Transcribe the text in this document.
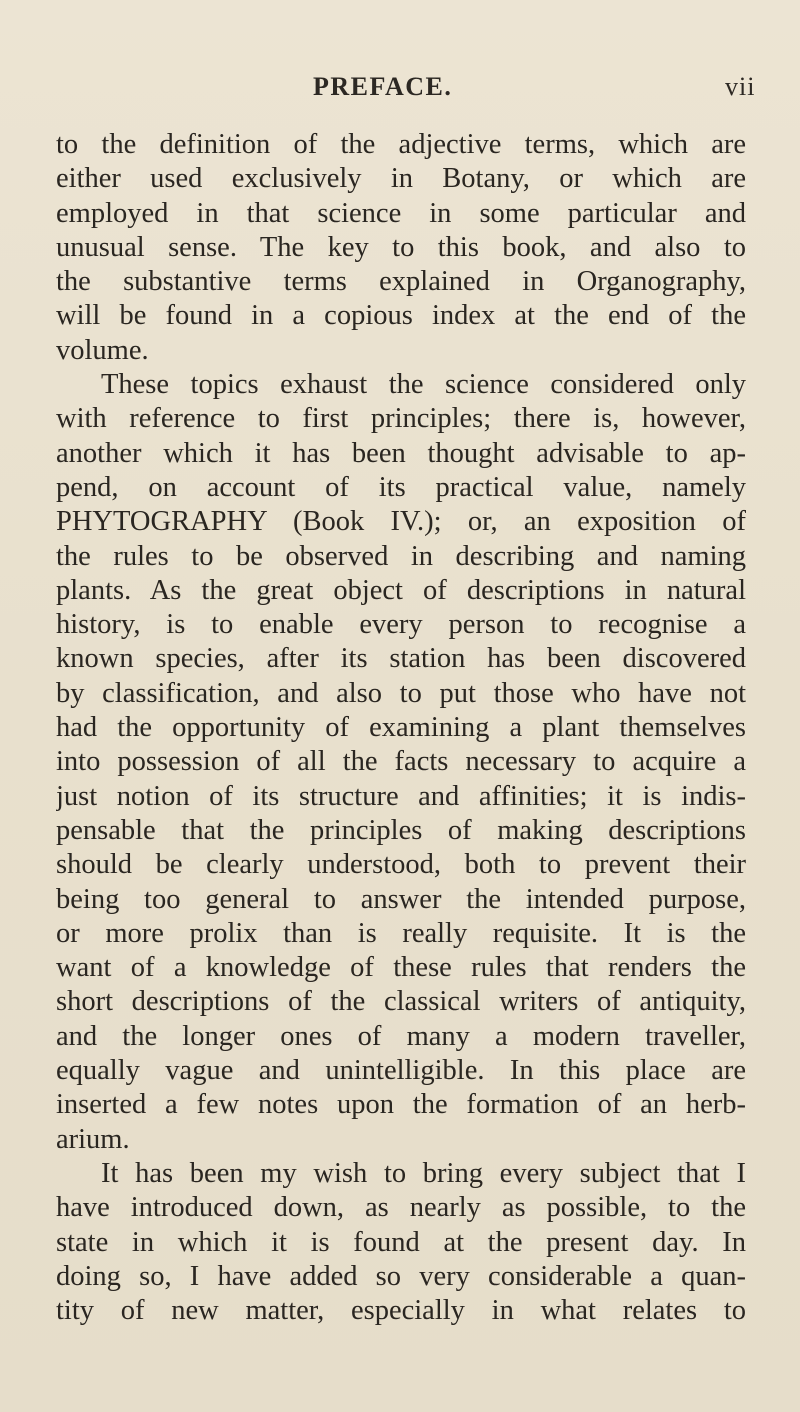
PREFACE.	vii
to the definition of the adjective terms, which are
either used exclusively in Botany, or which are
employed in that science in some particular and
unusual sense. The key to this book, and also to
the substantive terms explained in Organography,
will be found in a copious index at the end of the
volume.
These topics exhaust the science considered only
with reference to first principles; there is, however,
another which it has been thought advisable to ap-
pend, on account of its practical value, namely
PHYTOGRAPHY (Book IV.); or, an exposition of
the rules to be observed in describing and naming
plants. As the great object of descriptions in natural
history, is to enable every person to recognise a
known species, after its station has been discovered
by classification, and also to put those who have not
had the opportunity of examining a plant themselves
into possession of all the facts necessary to acquire a
just notion of its structure and affinities; it is indis-
pensable that the principles of making descriptions
should be clearly understood, both to prevent their
being too general to answer the intended purpose,
or more prolix than is really requisite. It is the
want of a knowledge of these rules that renders the
short descriptions of the classical writers of antiquity,
and the longer ones of many a modern traveller,
equally vague and unintelligible. In this place are
inserted a few notes upon the formation of an herb-
arium.
It has been my wish to bring every subject that I
have introduced down, as nearly as possible, to the
state in which it is found at the present day. In
doing so, I have added so very considerable a quan-
tity of new matter, especially in what relates to
